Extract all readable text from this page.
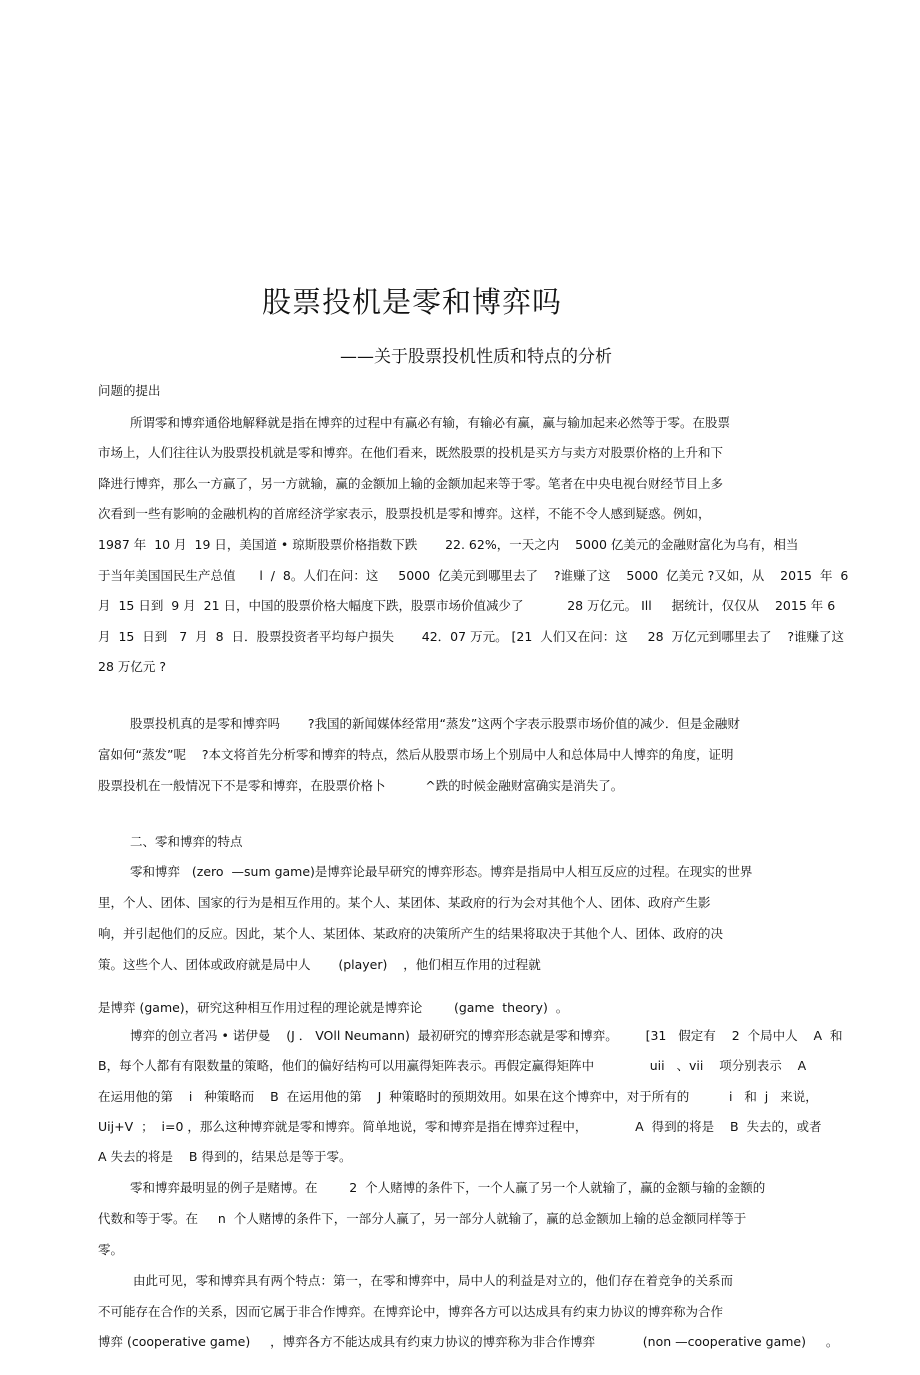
股票投机是零和博弈吗
——关于股票投机性质和特点的分析
问题的提出
所谓零和博弈通俗地解释就是指在博弈的过程中有赢必有输，有输必有赢，赢与输加起来必然等于零。在股票
市场上，人们往往认为股票投机就是零和博弈。在他们看来，既然股票的投机是买方与卖方对股票价格的上升和下
降进行博弈，那么一方赢了，另一方就输，赢的金额加上输的金额加起来等于零。笔者在中央电视台财经节目上多
次看到一些有影响的金融机构的首席经济学家表示，股票投机是零和博弈。这样，不能不令人感到疑惑。例如，
1987 年  10 月  19 日，美国道 • 琼斯股票价格指数下跌       22. 62%，一天之内    5000 亿美元的金融财富化为乌有，相当
于当年美国国民生产总值      l  /  8。人们在问：这     5000  亿美元到哪里去了    ?谁赚了这    5000  亿美元 ?又如，从    2015  年  6
月  15 日到  9 月  21 日，中国的股票价格大幅度下跌，股票市场价值减少了           28 万亿元。 Ill     据统计，仅仅从    2015 年 6
月  15  日到   7  月  8  日．股票投资者平均每户损失       42．07 万元。 [21  人们又在问：这     28  万亿元到哪里去了    ?谁赚了这
28 万亿元 ?
股票投机真的是零和博弈吗       ?我国的新闻媒体经常用“蒸发”这两个字表示股票市场价值的减少．但是金融财
富如何“蒸发”呢    ?本文将首先分析零和博弈的特点，然后从股票市场上个别局中人和总体局中人博弈的角度，证明
股票投机在一般情况下不是零和博弈，在股票价格卜          ^跌的时候金融财富确实是消失了。
二、零和博弈的特点
零和博弈   (zero  —sum game)是博弈论最早研究的博弈形态。博弈是指局中人相互反应的过程。在现实的世界
里，个人、团体、国家的行为是相互作用的。某个人、某团体、某政府的行为会对其他个人、团体、政府产生影
响，并引起他们的反应。因此，某个人、某团体、某政府的决策所产生的结果将取决于其他个人、团体、政府的决
策。这些个人、团体或政府就是局中人       (player)    ，他们相互作用的过程就
是博弈 (game)，研究这种相互作用过程的理论就是博弈论        (game  theory)  。
博弈的创立者冯 • 诺伊曼    (J ． VOll Neumann)  最初研究的博弈形态就是零和博弈。       [31   假定有    2  个局中人    A  和
B，每个人都有有限数量的策略，他们的偏好结构可以用赢得矩阵表示。再假定赢得矩阵中              uii   、vii    项分别表示    A
在运用他的第    i   种策略而    B  在运用他的第    J  种策略时的预期效用。如果在这个博弈中，对于所有的          i   和  j   来说，
Uij+V  ；  i=0 ，那么这种博弈就是零和博弈。简单地说，零和博弈是指在博弈过程中，            A  得到的将是    B  失去的，或者
A 失去的将是    B 得到的，结果总是等于零。
零和博弈最明显的例子是赌博。在        2  个人赌博的条件下，一个人赢了另一个人就输了，赢的金额与输的金额的
代数和等于零。在     n  个人赌博的条件下，一部分人赢了，另一部分人就输了，赢的总金额加上输的总金额同样等于
零。
由此可见，零和博弈具有两个特点：第一，在零和博弈中，局中人的利益是对立的，他们存在着竞争的关系而
不可能存在合作的关系，因而它属于非合作博弈。在博弈论中，博弈各方可以达成具有约束力协议的博弈称为合作
博弈 (cooperative game)     ，博弈各方不能达成具有约束力协议的博弈称为非合作博弈            (non —cooperative game)     。
